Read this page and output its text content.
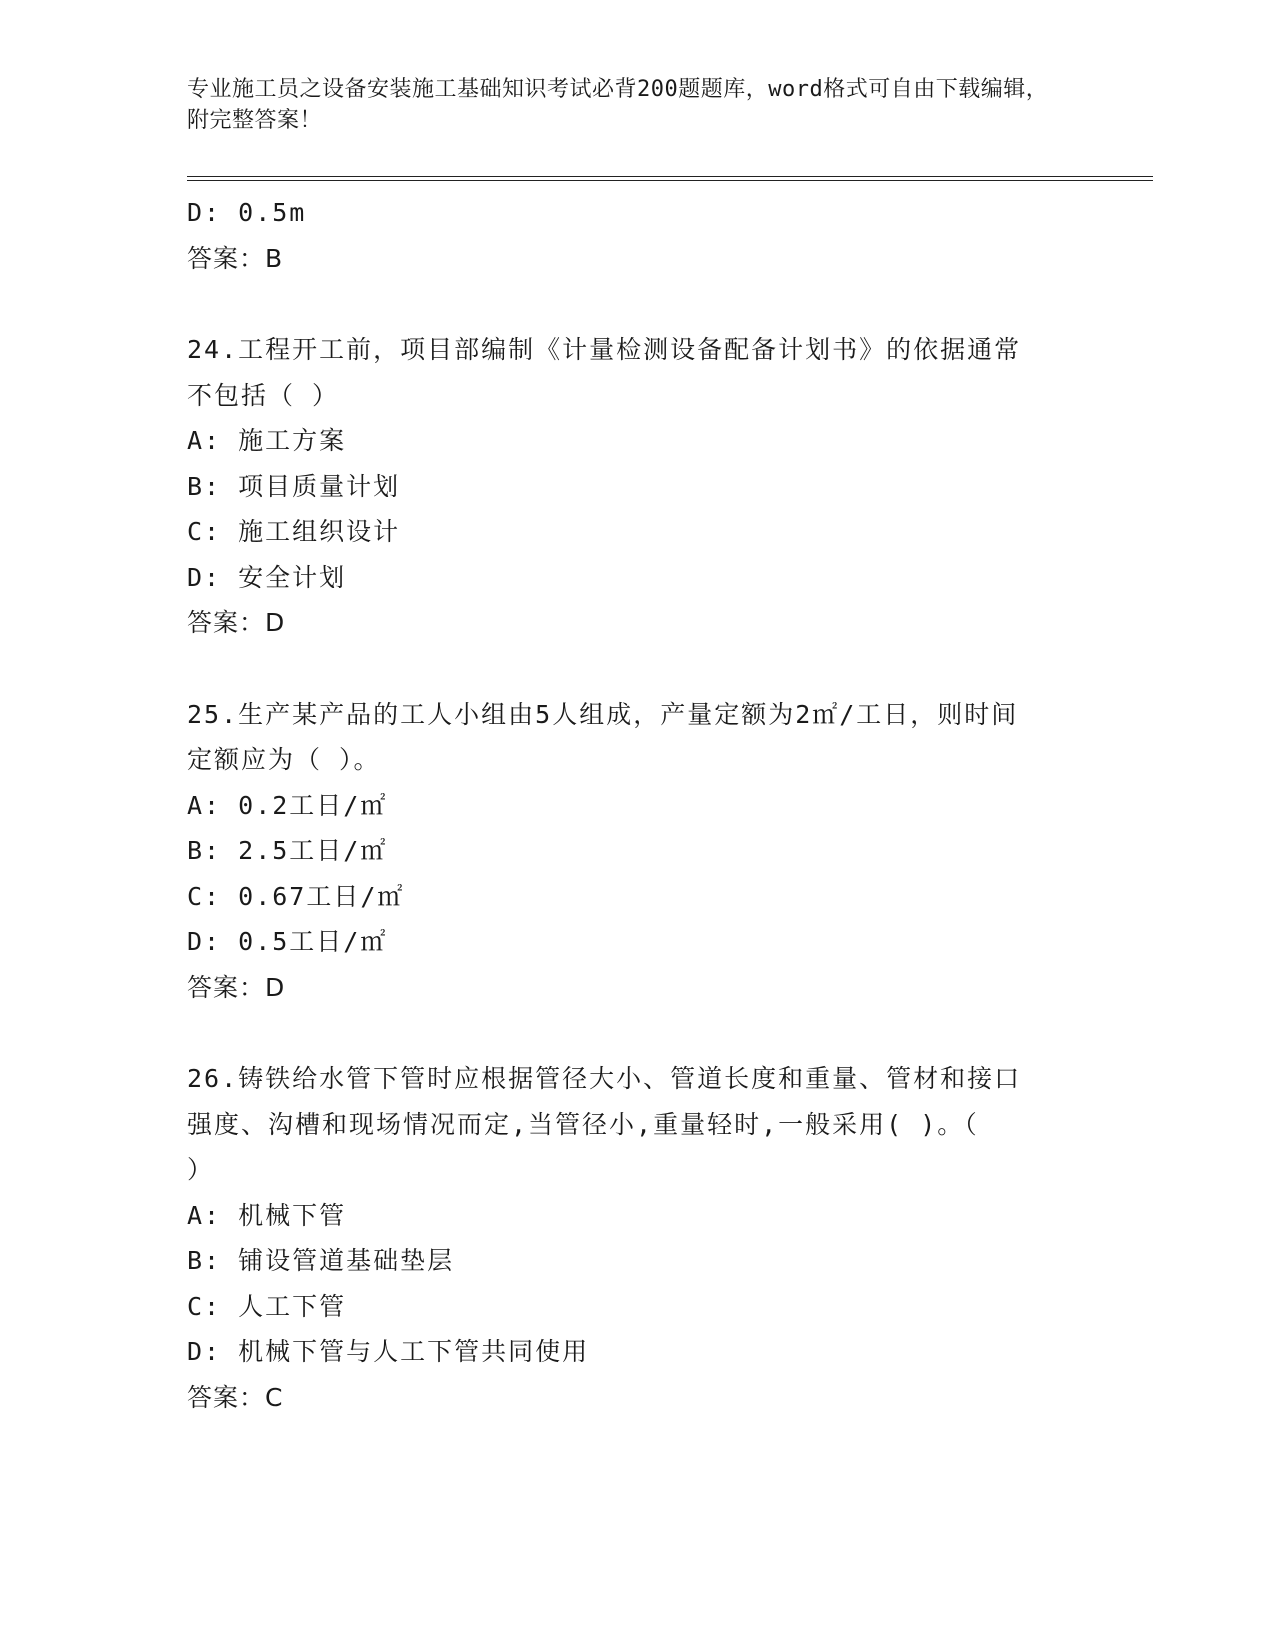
专业施工员之设备安装施工基础知识考试必背200题题库，word格式可自由下载编辑，附完整答案！
D: 0.5m
答案：B
24.工程开工前，项目部编制《计量检测设备配备计划书》的依据通常
不包括（ ）
A: 施工方案
B: 项目质量计划
C: 施工组织设计
D: 安全计划
答案：D
25.生产某产品的工人小组由5人组成，产量定额为2㎡/工日，则时间
定额应为（ ）。
A: 0.2工日/㎡
B: 2.5工日/㎡
C: 0.67工日/㎡
D: 0.5工日/㎡
答案：D
26.铸铁给水管下管时应根据管径大小、管道长度和重量、管材和接口
强度、沟槽和现场情况而定,当管径小,重量轻时,一般采用( )。（
）
A: 机械下管
B: 铺设管道基础垫层
C: 人工下管
D: 机械下管与人工下管共同使用
答案：C
